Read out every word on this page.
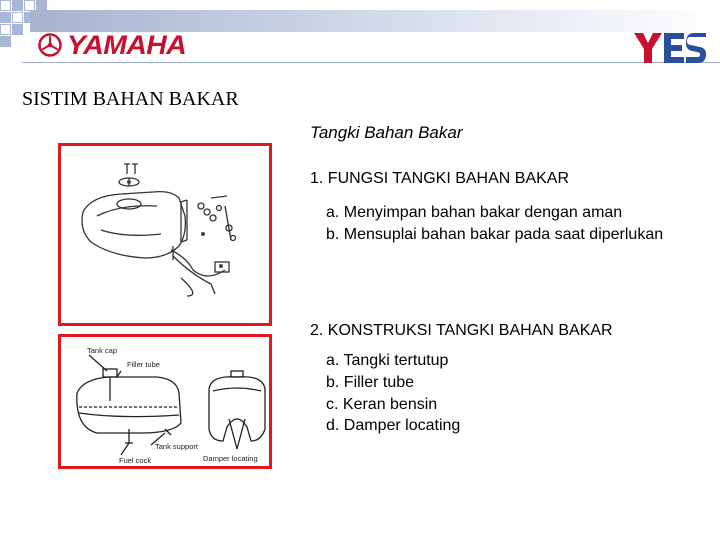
YAMAHA
SISTIM BAHAN BAKAR
Tangki Bahan Bakar
1. FUNGSI TANGKI BAHAN BAKAR
a. Menyimpan bahan bakar dengan aman
b. Mensuplai bahan bakar pada saat diperlukan
2. KONSTRUKSI TANGKI BAHAN BAKAR
a. Tangki tertutup
b. Filler tube
c. Keran bensin
d. Damper locating
Tank cap
Filler tube
Tank support
Fuel cock	Damper locating
